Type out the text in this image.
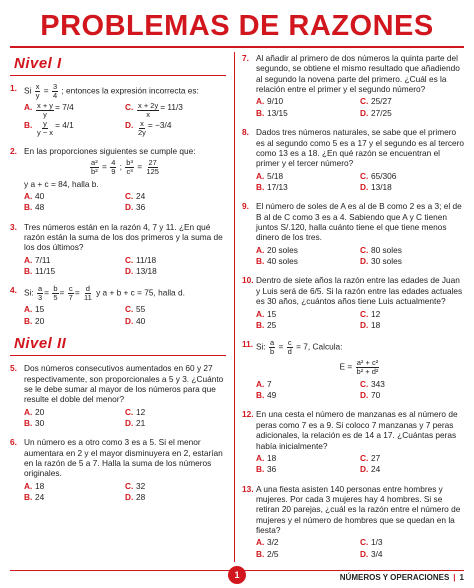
PROBLEMAS DE RAZONES
Nivel I
1. Si $\frac{x}{y} = \frac{3}{4}$ ; entonces la expresión incorrecta es:
A. $\frac{x + y}{y} = 7 / 4$	C. $\frac{x + 2y}{x} = 11 / 3$
B. $\frac{y}{y - x} = 4 / 1$	D. $\frac{x}{2y} = -3 / 4$
2. En las proporciones siguientes se cumple que:
$\frac{\text{a²}}{\text{b²}} = \frac{4}{9}$ ; $\frac{\text{b³}}{\text{c³}} = \frac{27}{125}$
y a + c = 84, halla b.
A. 40	C. 24
B. 48	D. 36
3. Tres números están en la razón 4, 7 y 11. ¿En qué razón están la suma de los dos primeros y la suma de los dos últimos?
A. 7/11	C. 11/18
B. 11/15	D. 13/18
4. Si: $\frac{a}{3} = \frac{b}{5} = \frac{c}{7} = \frac{d}{11}$ y a + b + c = 75, halla d.
A. 15	C. 55
B. 20	D. 40
Nivel II
5. Dos números consecutivos aumentados en 60 y 27 respectivamente, son proporcionales a 5 y 3. ¿Cuánto se le debe sumar al mayor de los números para que resulte el doble del menor?
A. 20	C. 12
B. 30	D. 21
6. Un número es a otro como 3 es a 5. Si el menor aumentara en 2 y el mayor disminuyera en 2, estarían en la razón de 5 a 7. Halla la suma de los números originales.
A. 18	C. 32
B. 24	D. 28
7. Al añadir al primero de dos números la quinta parte del segundo, se obtiene el mismo resultado que añadiendo al segundo la novena parte del primero. ¿Cuál es la relación entre el primer y el segundo número?
A. 9/10	C. 25/27
B. 13/15	D. 27/25
8. Dados tres números naturales, se sabe que el primero es al segundo como 5 es a 17 y el segundo es al tercero como 13 es a 18. ¿En qué razón se encuentran el primer y el tercer número?
A. 5/18	C. 65/306
B. 17/13	D. 13/18
9. El número de soles de A es al de B como 2 es a 3; el de B al de C como 3 es a 4. Sabiendo que A y C tienen juntos S/.120, halla cuánto tiene el que tiene menos dinero de los tres.
A. 20 soles	C. 80 soles
B. 40 soles	D. 30 soles
10. Dentro de siete años la razón entre las edades de Juan y Luis será de 6/5. Si la razón entre las edades actuales es 30 años, ¿cuántos años tiene Luis actualmente?
A. 15	C. 12
B. 25	D. 18
11. Si: $\frac{a}{b} = \frac{c}{d} = 7$, Calcula:
$E = \frac{\text{a² + c²}}{\text{b² + d²}}$
A. 7	C. 343
B. 49	D. 70
12. En una cesta el número de manzanas es al número de peras como 7 es a 9. Si coloco 7 manzanas y 7 peras adicionales, la relación es de 14 a 17. ¿Cuántas peras había inicialmente?
A. 18	C. 27
B. 36	D. 24
13. A una fiesta asisten 140 personas entre hombres y mujeres. Por cada 3 mujeres hay 4 hombres. Si se retiran 20 parejas, ¿cuál es la razón entre el número de mujeres y el número de hombres que se quedan en la fiesta?
A. 3/2	C. 1/3
B. 2/5	D. 3/4
1	NÚMEROS Y OPERACIONES | 1
